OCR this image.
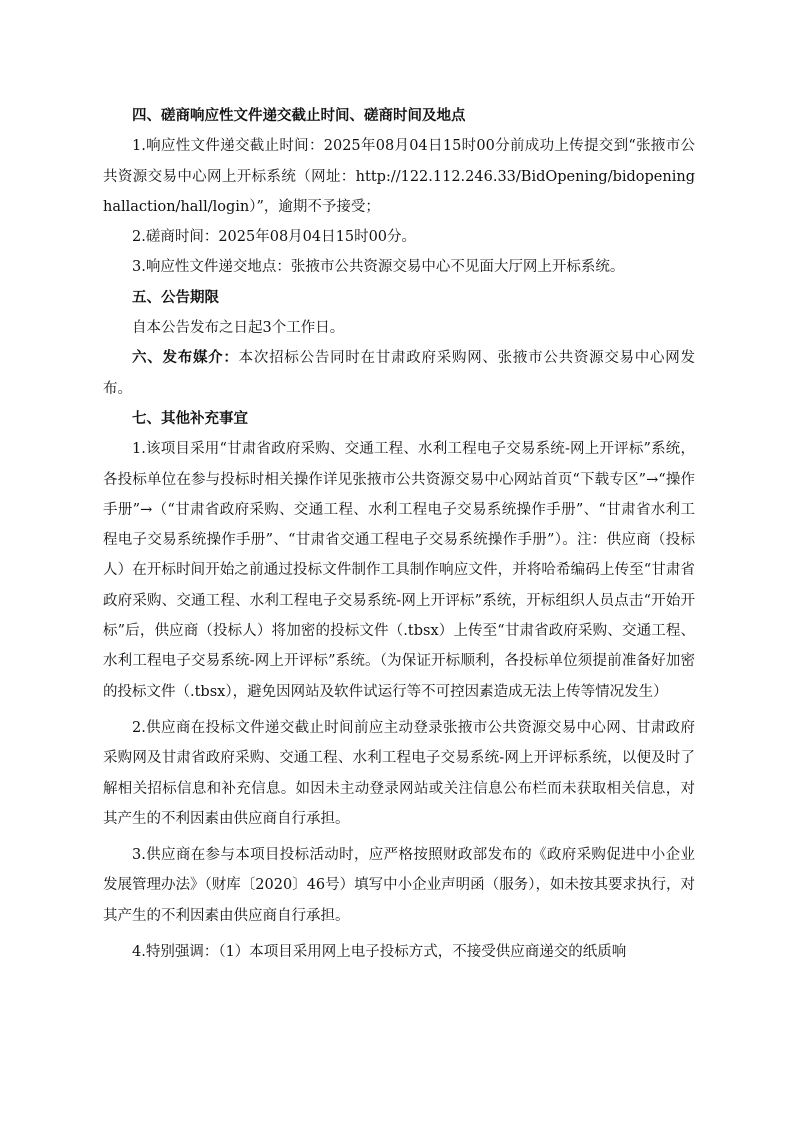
四、磋商响应性文件递交截止时间、磋商时间及地点

1.响应性文件递交截止时间：2025年08月04日15时00分前成功上传提交到“张掖市公共资源交易中心网上开标系统（网址：http://122.112.246.33/BidOpening/bidopeninghallaction/hall/login）”，逾期不予接受；

2.磋商时间：2025年08月04日15时00分。

3.响应性文件递交地点：张掖市公共资源交易中心不见面大厅网上开标系统。

五、公告期限

自本公告发布之日起3个工作日。

六、发布媒介：本次招标公告同时在甘肃政府采购网、张掖市公共资源交易中心网发布。

七、其他补充事宜

1.该项目采用“甘肃省政府采购、交通工程、水利工程电子交易系统-网上开评标”系统，各投标单位在参与投标时相关操作详见张掖市公共资源交易中心网站首页“下载专区”→“操作手册”→（“甘肃省政府采购、交通工程、水利工程电子交易系统操作手册”、“甘肃省水利工程电子交易系统操作手册”、“甘肃省交通工程电子交易系统操作手册”）。注：供应商（投标人）在开标时间开始之前通过投标文件制作工具制作响应文件，并将哈希编码上传至“甘肃省政府采购、交通工程、水利工程电子交易系统-网上开评标”系统，开标组织人员点击“开始开标”后，供应商（投标人）将加密的投标文件（.tbsx）上传至“甘肃省政府采购、交通工程、水利工程电子交易系统-网上开评标”系统。（为保证开标顺利，各投标单位须提前准备好加密的投标文件（.tbsx），避免因网站及软件试运行等不可控因素造成无法上传等情况发生）

2.供应商在投标文件递交截止时间前应主动登录张掖市公共资源交易中心网、甘肃政府采购网及甘肃省政府采购、交通工程、水利工程电子交易系统-网上开评标系统，以便及时了解相关招标信息和补充信息。如因未主动登录网站或关注信息公布栏而未获取相关信息，对其产生的不利因素由供应商自行承担。

3.供应商在参与本项目投标活动时，应严格按照财政部发布的《政府采购促进中小企业发展管理办法》（财库〔2020〕46号）填写中小企业声明函（服务），如未按其要求执行，对其产生的不利因素由供应商自行承担。

4.特别强调：（1）本项目采用网上电子投标方式，不接受供应商递交的纸质响
